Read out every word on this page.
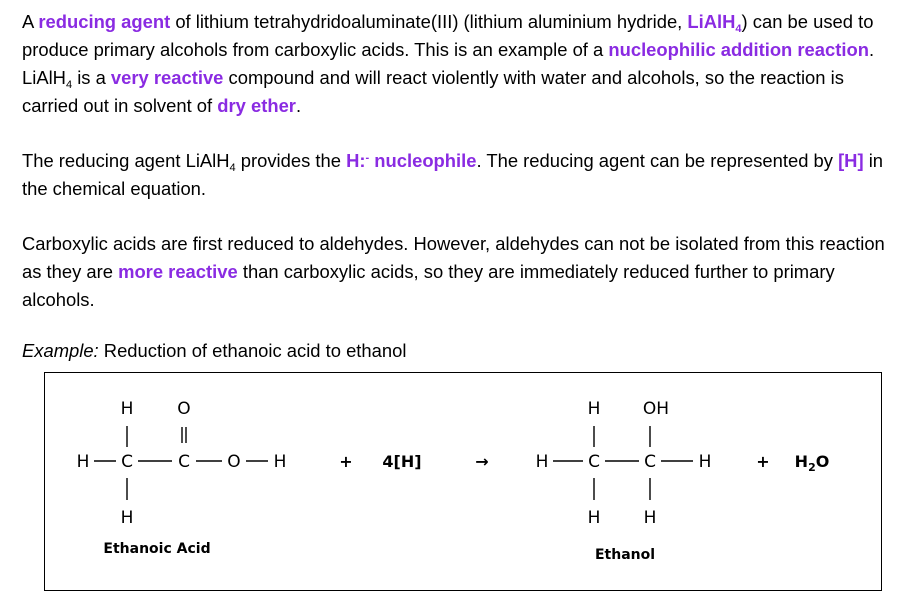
A reducing agent of lithium tetrahydridoaluminate(III) (lithium aluminium hydride, LiAlH$_4$) can be used to produce primary alcohols from carboxylic acids. This is an example of a nucleophilic addition reaction. LiAlH$_4$ is a very reactive compound and will react violently with water and alcohols, so the reaction is carried out in solvent of dry ether.

The reducing agent LiAlH$_4$ provides the H:- nucleophile. The reducing agent can be represented by [H] in the chemical equation.

Carboxylic acids are first reduced to aldehydes. However, aldehydes can not be isolated from this reaction as they are more reactive than carboxylic acids, so they are immediately reduced further to primary alcohols.

Example: Reduction of ethanoic acid to ethanol
H	O
H C	C O H
H
Ethanoic Acid
+ 4[H]	→
H	OH
H C	C	H
H	H
Ethanol
+ $H_2O$
